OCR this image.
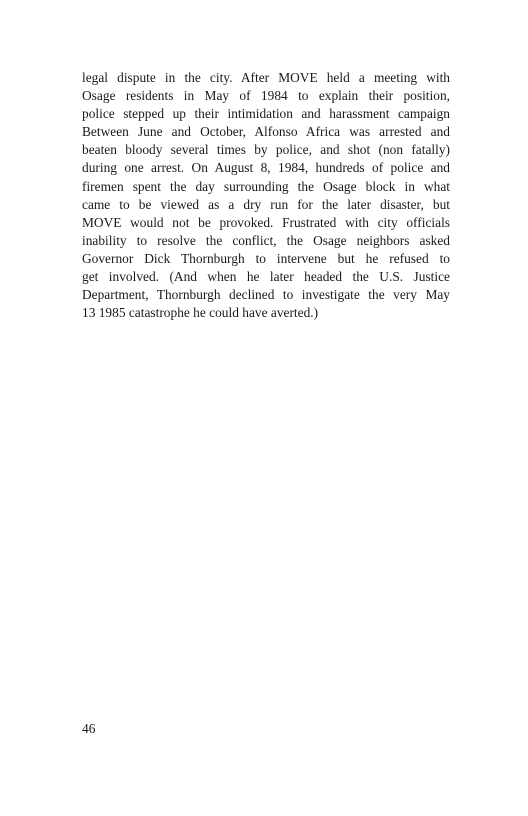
legal dispute in the city. After MOVE held a meeting with
Osage residents in May of 1984 to explain their position,
police stepped up their intimidation and harassment campaign
Between June and October, Alfonso Africa was arrested and
beaten bloody several times by police, and shot (non fatally)
during one arrest. On August 8, 1984, hundreds of police and
firemen spent the day surrounding the Osage block in what
came to be viewed as a dry run for the later disaster, but
MOVE would not be provoked. Frustrated with city officials
inability to resolve the conflict, the Osage neighbors asked
Governor Dick Thornburgh to intervene but he refused to
get involved. (And when he later headed the U.S. Justice
Department, Thornburgh declined to investigate the very May
13 1985 catastrophe he could have averted.)
46
